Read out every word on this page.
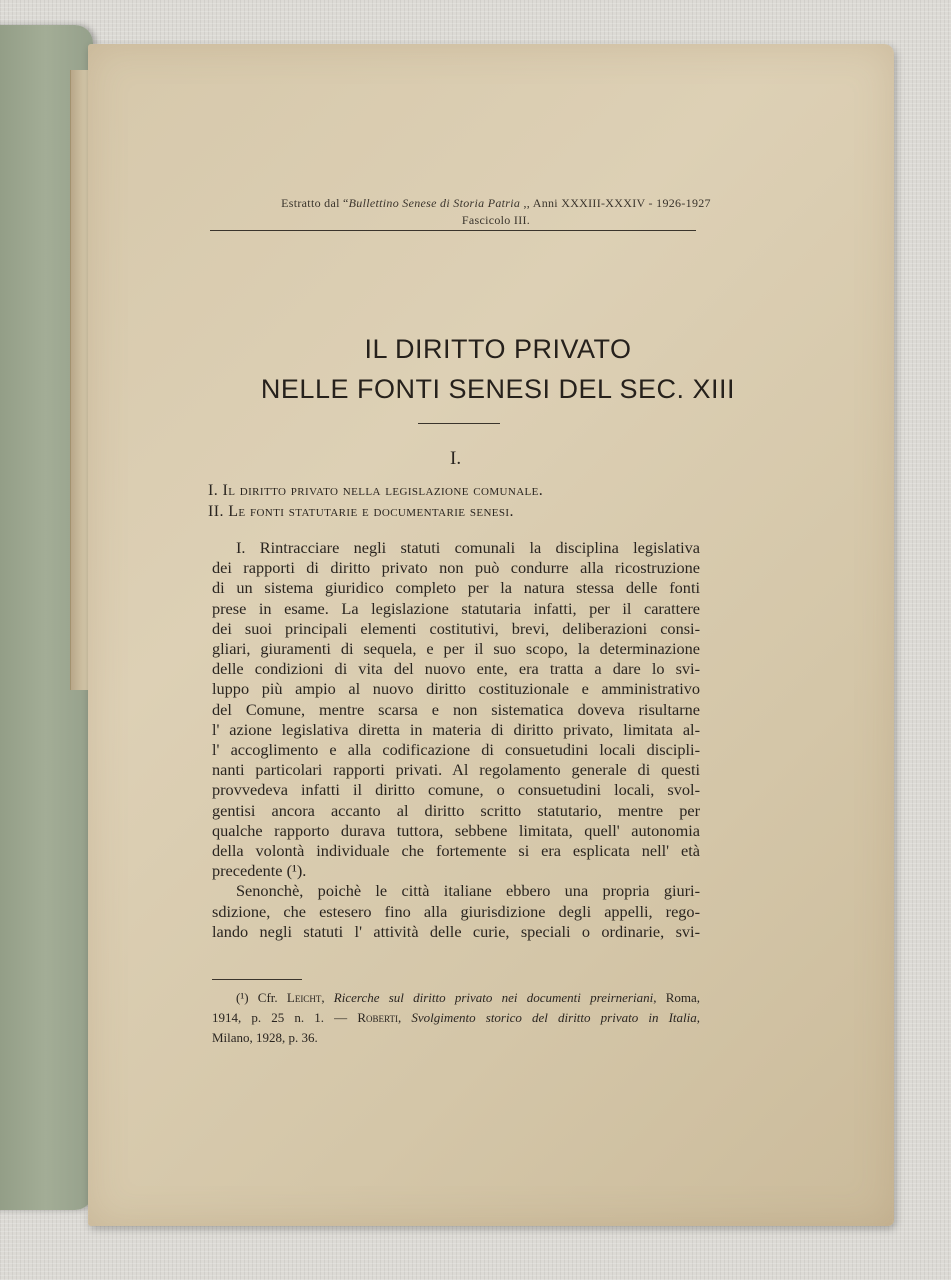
Estratto dal “Bullettino Senese di Storia Patria ,, Anni XXXIII-XXXIV - 1926-1927
Fascicolo III.
IL DIRITTO PRIVATO
NELLE FONTI SENESI DEL SEC. XIII
I.
I. Il diritto privato nella legislazione comunale.
II. Le fonti statutarie e documentarie senesi.
I. Rintracciare negli statuti comunali la disciplina legislativa
dei rapporti di diritto privato non può condurre alla ricostruzione
di un sistema giuridico completo per la natura stessa delle fonti
prese in esame. La legislazione statutaria infatti, per il carattere
dei suoi principali elementi costitutivi, brevi, deliberazioni consi-
gliari, giuramenti di sequela, e per il suo scopo, la determinazione
delle condizioni di vita del nuovo ente, era tratta a dare lo svi-
luppo più ampio al nuovo diritto costituzionale e amministrativo
del Comune, mentre scarsa e non sistematica doveva risultarne
l' azione legislativa diretta in materia di diritto privato, limitata al-
l' accoglimento e alla codificazione di consuetudini locali discipli-
nanti particolari rapporti privati. Al regolamento generale di questi
provvedeva infatti il diritto comune, o consuetudini locali, svol-
gentisi ancora accanto al diritto scritto statutario, mentre per
qualche rapporto durava tuttora, sebbene limitata, quell' autonomia
della volontà individuale che fortemente si era esplicata nell' età
precedente (¹).
Senonchè, poichè le città italiane ebbero una propria giuri-
sdizione, che estesero fino alla giurisdizione degli appelli, rego-
lando negli statuti l' attività delle curie, speciali o ordinarie, svi-
(¹) Cfr. Leicht, Ricerche sul diritto privato nei documenti preirneriani, Roma,
1914, p. 25 n. 1. — Roberti, Svolgimento storico del diritto privato in Italia,
Milano, 1928, p. 36.
